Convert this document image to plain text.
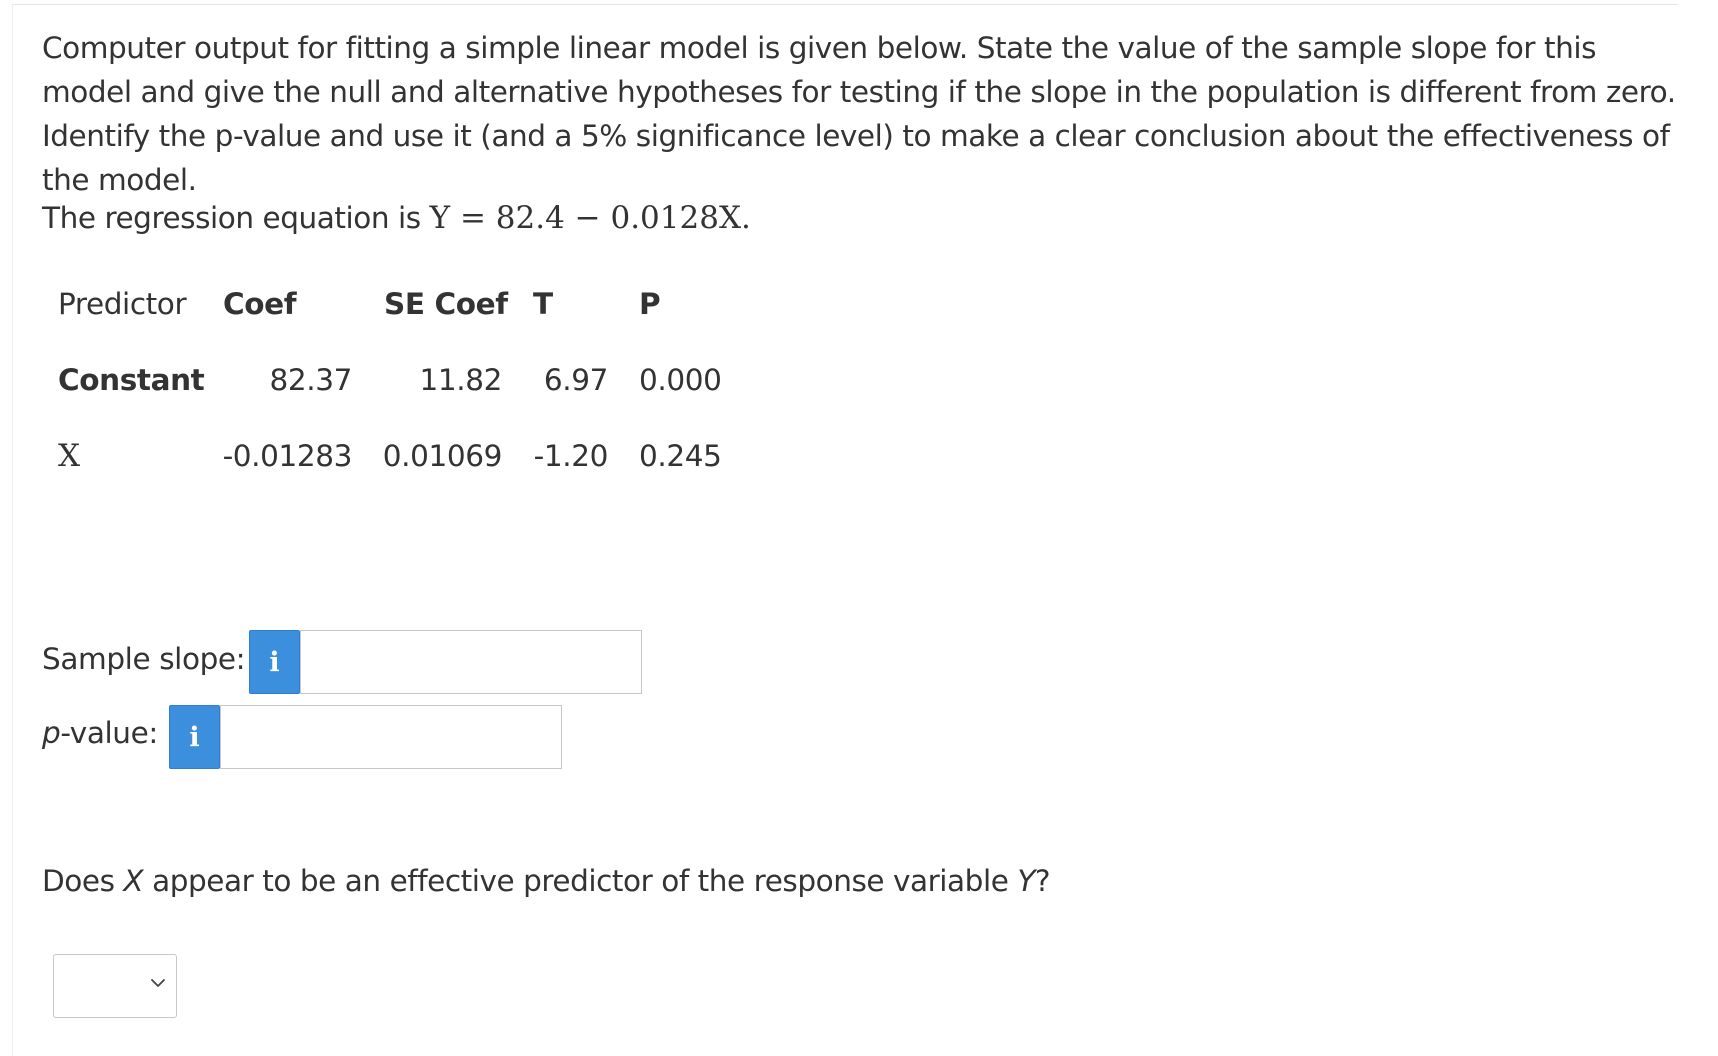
Computer output for fitting a simple linear model is given below. State the value of the sample slope for this model and give the null and alternative hypotheses for testing if the slope in the population is different from zero. Identify the p-value and use it (and a 5% significance level) to make a clear conclusion about the effectiveness of the model.

The regression equation is Y = 82.4 − 0.0128X.
Predictor Coef	SE Coef T	P
Constant	82.37	11.82	6.97 0.000
X	-0.01283	0.01069	-1.20 0.245
Sample slope: i
p-value: i
Does X appear to be an effective predictor of the response variable Y?
